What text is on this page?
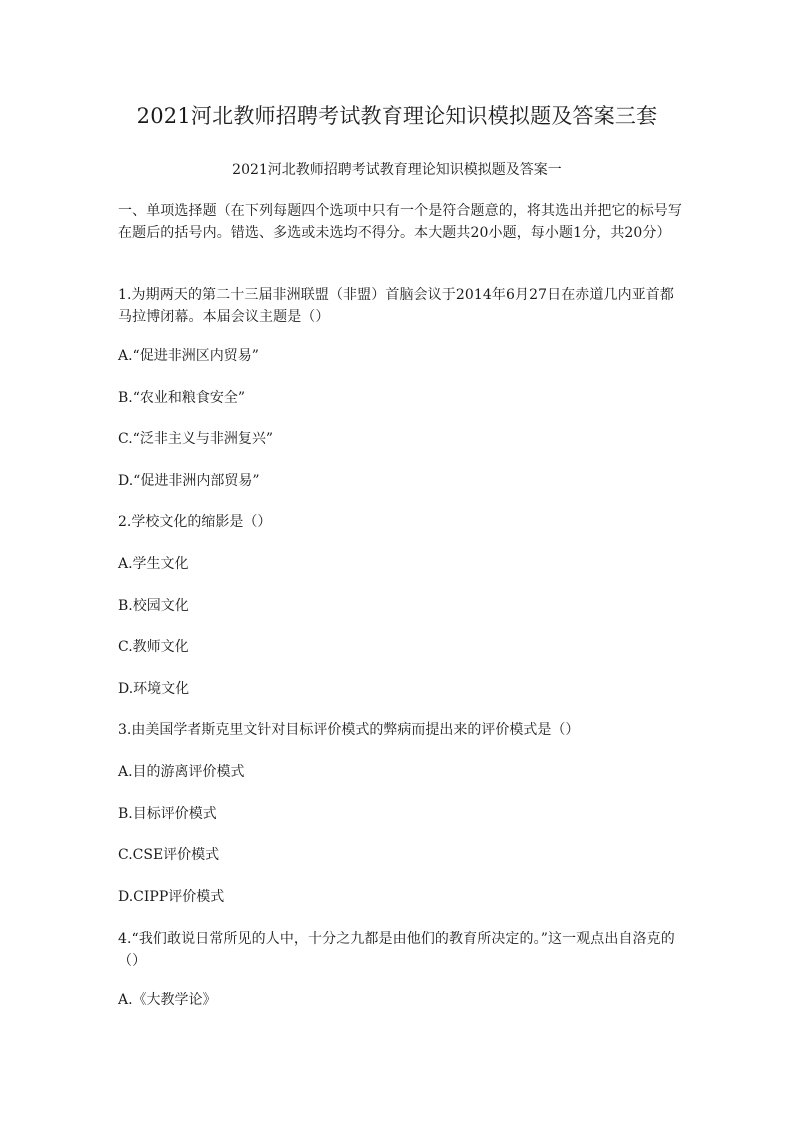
2021河北教师招聘考试教育理论知识模拟题及答案三套
2021河北教师招聘考试教育理论知识模拟题及答案一
一、单项选择题（在下列每题四个选项中只有一个是符合题意的，将其选出并把它的标号写在题后的括号内。错选、多选或未选均不得分。本大题共20小题，每小题1分，共20分）
1.为期两天的第二十三届非洲联盟（非盟）首脑会议于2014年6月27日在赤道几内亚首都马拉博闭幕。本届会议主题是（）
A.“促进非洲区内贸易”
B.“农业和粮食安全”
C.“泛非主义与非洲复兴”
D.“促进非洲内部贸易”
2.学校文化的缩影是（）
A.学生文化
B.校园文化
C.教师文化
D.环境文化
3.由美国学者斯克里文针对目标评价模式的弊病而提出来的评价模式是（）
A.目的游离评价模式
B.目标评价模式
C.CSE评价模式
D.CIPP评价模式
4.“我们敢说日常所见的人中，十分之九都是由他们的教育所决定的。”这一观点出自洛克的（）
A.《大教学论》
